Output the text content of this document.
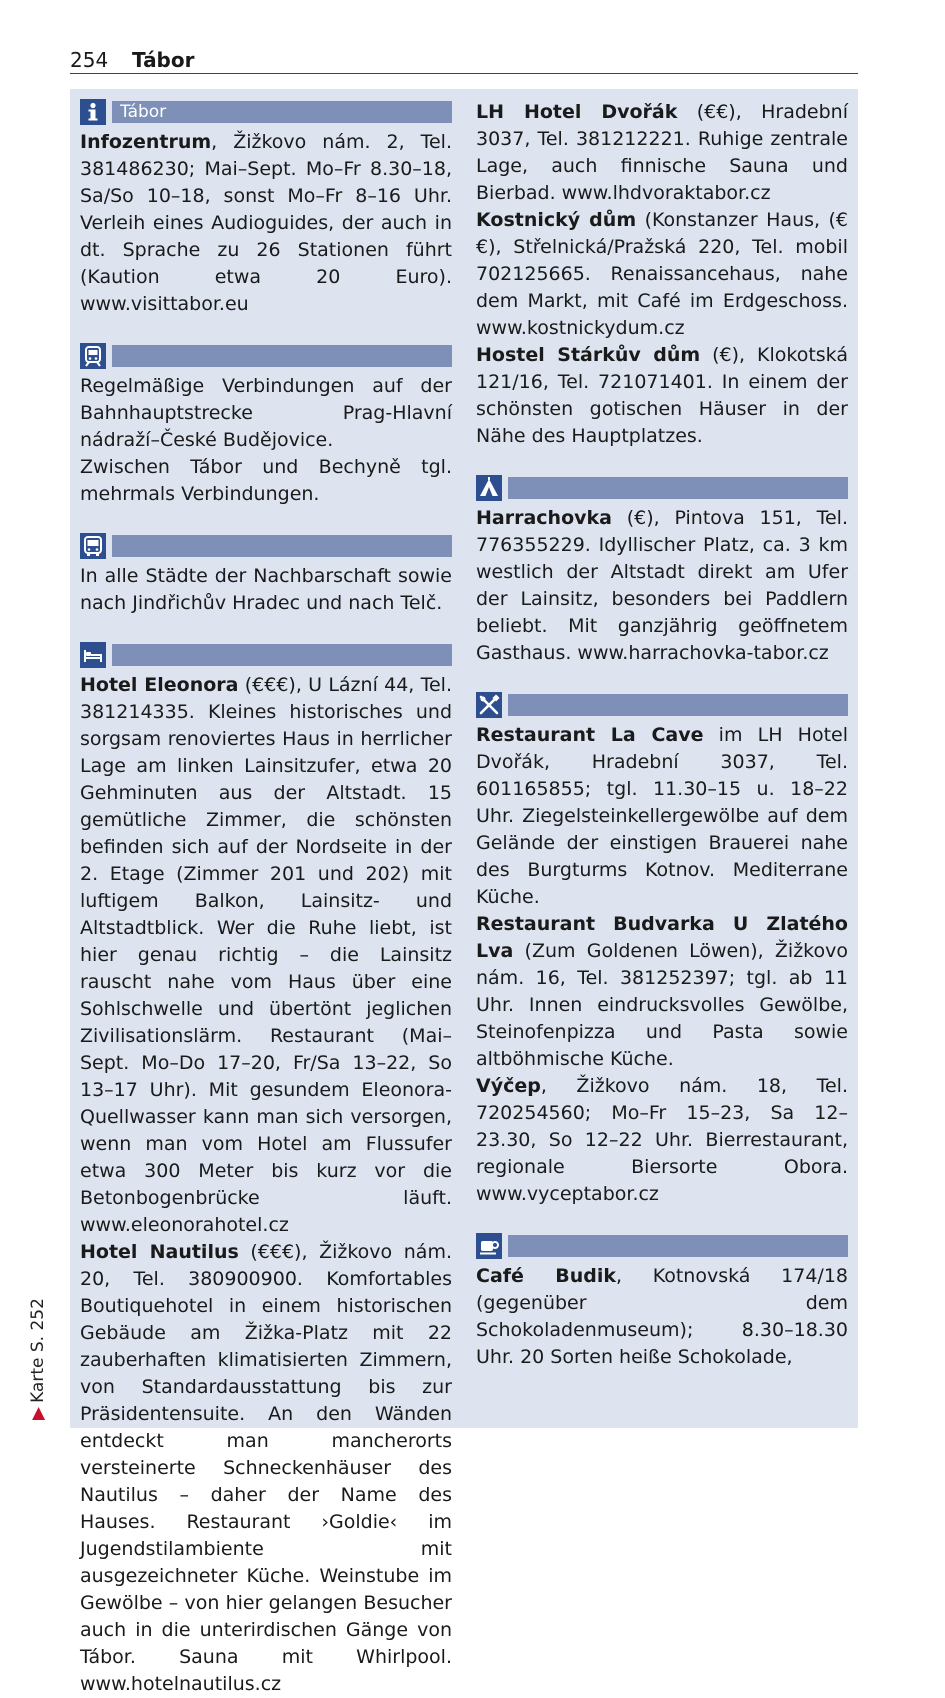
254 Tábor
Tábor

Infozentrum, Žižkovo nám. 2, Tel. 381486230; Mai–Sept. Mo–Fr 8.30–18, Sa/So 10–18, sonst Mo–Fr 8–16 Uhr. Verleih eines Audioguides, der auch in dt. Sprache zu 26 Stationen führt (Kaution etwa 20 Euro). www.visittabor.eu

Regelmäßige Verbindungen auf der Bahnhauptstrecke Prag-Hlavní nádraží–České Budějovice.

Zwischen Tábor und Bechyně tgl. mehrmals Verbindungen.

In alle Städte der Nachbarschaft sowie nach Jindřichův Hradec und nach Telč.

Hotel Eleonora (€€€), U Lázní 44, Tel. 381214335. Kleines historisches und sorgsam renoviertes Haus in herrlicher Lage am linken Lainsitzufer, etwa 20 Gehminuten aus der Altstadt. 15 gemütliche Zimmer, die schönsten befinden sich auf der Nordseite in der 2. Etage (Zimmer 201 und 202) mit luftigem Balkon, Lainsitz- und Altstadtblick. Wer die Ruhe liebt, ist hier genau richtig – die Lainsitz rauscht nahe vom Haus über eine Sohlschwelle und übertönt jeglichen Zivilisationslärm. Restaurant (Mai–Sept. Mo–Do 17–20, Fr/Sa 13–22, So 13–17 Uhr). Mit gesundem Eleonora-Quellwasser kann man sich versorgen, wenn man vom Hotel am Flussufer etwa 300 Meter bis kurz vor die Betonbogenbrücke läuft. www.eleonorahotel.cz

Hotel Nautilus (€€€), Žižkovo nám. 20, Tel. 380900900. Komfortables Boutiquehotel in einem historischen Gebäude am Žižka-Platz mit 22 zauberhaften klimatisierten Zimmern, von Standardausstattung bis zur Präsidentensuite. An den Wänden entdeckt man mancherorts versteinerte Schneckenhäuser des Nautilus – daher der Name des Hauses. Restaurant ›Goldie‹ im Jugendstilambiente mit ausgezeichneter Küche. Weinstube im Gewölbe – von hier gelangen Besucher auch in die unterirdischen Gänge von Tábor. Sauna mit Whirlpool. www.hotelnautilus.cz

LH Hotel Dvořák (€€), Hradební 3037, Tel. 381212221. Ruhige zentrale Lage, auch finnische Sauna und Bierbad. www.lhdvoraktabor.cz

Kostnický dům (Konstanzer Haus, (€€), Střelnická/Pražská 220, Tel. mobil 702125665. Renaissancehaus, nahe dem Markt, mit Café im Erdgeschoss. www.kostnickydum.cz

Hostel Stárkův dům (€), Klokotská 121/16, Tel. 721071401. In einem der schönsten gotischen Häuser in der Nähe des Hauptplatzes.

Harrachovka (€), Pintova 151, Tel. 776355229. Idyllischer Platz, ca. 3 km westlich der Altstadt direkt am Ufer der Lainsitz, besonders bei Paddlern beliebt. Mit ganzjährig geöffnetem Gasthaus. www.harrachovka-tabor.cz

Restaurant La Cave im LH Hotel Dvořák, Hradební 3037, Tel. 601165855; tgl. 11.30–15 u. 18–22 Uhr. Ziegelsteinkellergewölbe auf dem Gelände der einstigen Brauerei nahe des Burgturms Kotnov. Mediterrane Küche.

Restaurant Budvarka U Zlatého Lva (Zum Goldenen Löwen), Žižkovo nám. 16, Tel. 381252397; tgl. ab 11 Uhr. Innen eindrucksvolles Gewölbe, Steinofenpizza und Pasta sowie altböhmische Küche.

Výčep, Žižkovo nám. 18, Tel. 720254560; Mo–Fr 15–23, Sa 12–23.30, So 12–22 Uhr. Bierrestaurant, regionale Biersorte Obora. www.vyceptabor.cz

Café Budik, Kotnovská 174/18 (gegenüber dem Schokoladenmuseum); 8.30–18.30 Uhr. 20 Sorten heiße Schokolade,

▶Karte S. 252
